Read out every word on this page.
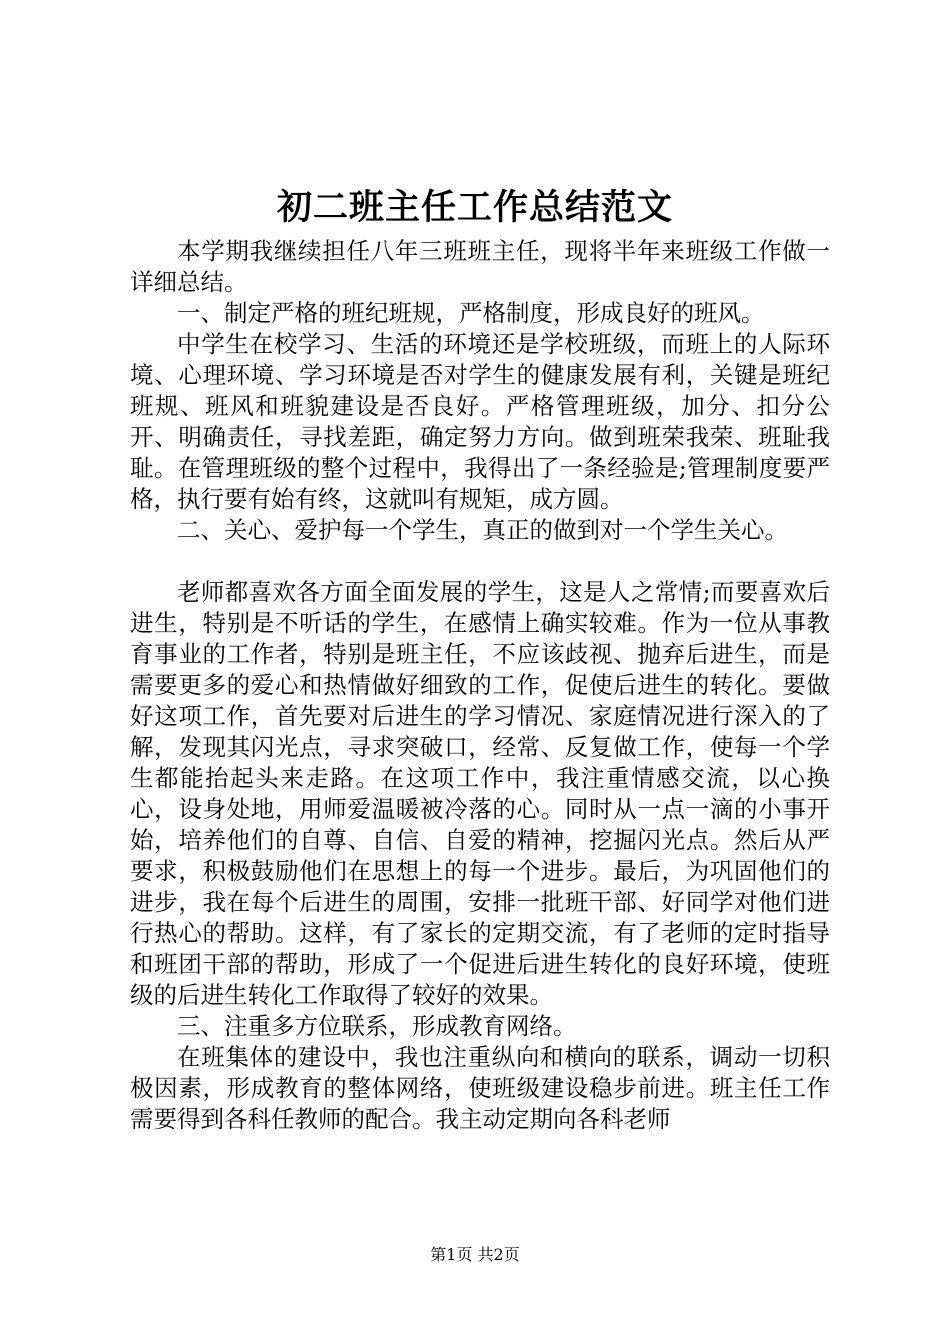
初二班主任工作总结范文

本学期我继续担任八年三班班主任，现将半年来班级工作做一详细总结。

一、制定严格的班纪班规，严格制度，形成良好的班风。

中学生在校学习、生活的环境还是学校班级，而班上的人际环境、心理环境、学习环境是否对学生的健康发展有利，关键是班纪班规、班风和班貌建设是否良好。严格管理班级，加分、扣分公开、明确责任，寻找差距，确定努力方向。做到班荣我荣、班耻我耻。在管理班级的整个过程中，我得出了一条经验是;管理制度要严格，执行要有始有终，这就叫有规矩，成方圆。

二、关心、爱护每一个学生，真正的做到对一个学生关心。

老师都喜欢各方面全面发展的学生，这是人之常情;而要喜欢后进生，特别是不听话的学生，在感情上确实较难。作为一位从事教育事业的工作者，特别是班主任，不应该歧视、抛弃后进生，而是需要更多的爱心和热情做好细致的工作，促使后进生的转化。要做好这项工作，首先要对后进生的学习情况、家庭情况进行深入的了解，发现其闪光点，寻求突破口，经常、反复做工作，使每一个学生都能抬起头来走路。在这项工作中，我注重情感交流，以心换心，设身处地，用师爱温暖被冷落的心。同时从一点一滴的小事开始，培养他们的自尊、自信、自爱的精神，挖掘闪光点。然后从严要求，积极鼓励他们在思想上的每一个进步。最后，为巩固他们的进步，我在每个后进生的周围，安排一批班干部、好同学对他们进行热心的帮助。这样，有了家长的定期交流，有了老师的定时指导和班团干部的帮助，形成了一个促进后进生转化的良好环境，使班级的后进生转化工作取得了较好的效果。

三、注重多方位联系，形成教育网络。

在班集体的建设中，我也注重纵向和横向的联系，调动一切积极因素，形成教育的整体网络，使班级建设稳步前进。班主任工作需要得到各科任教师的配合。我主动定期向各科老师

第1页 共2页
